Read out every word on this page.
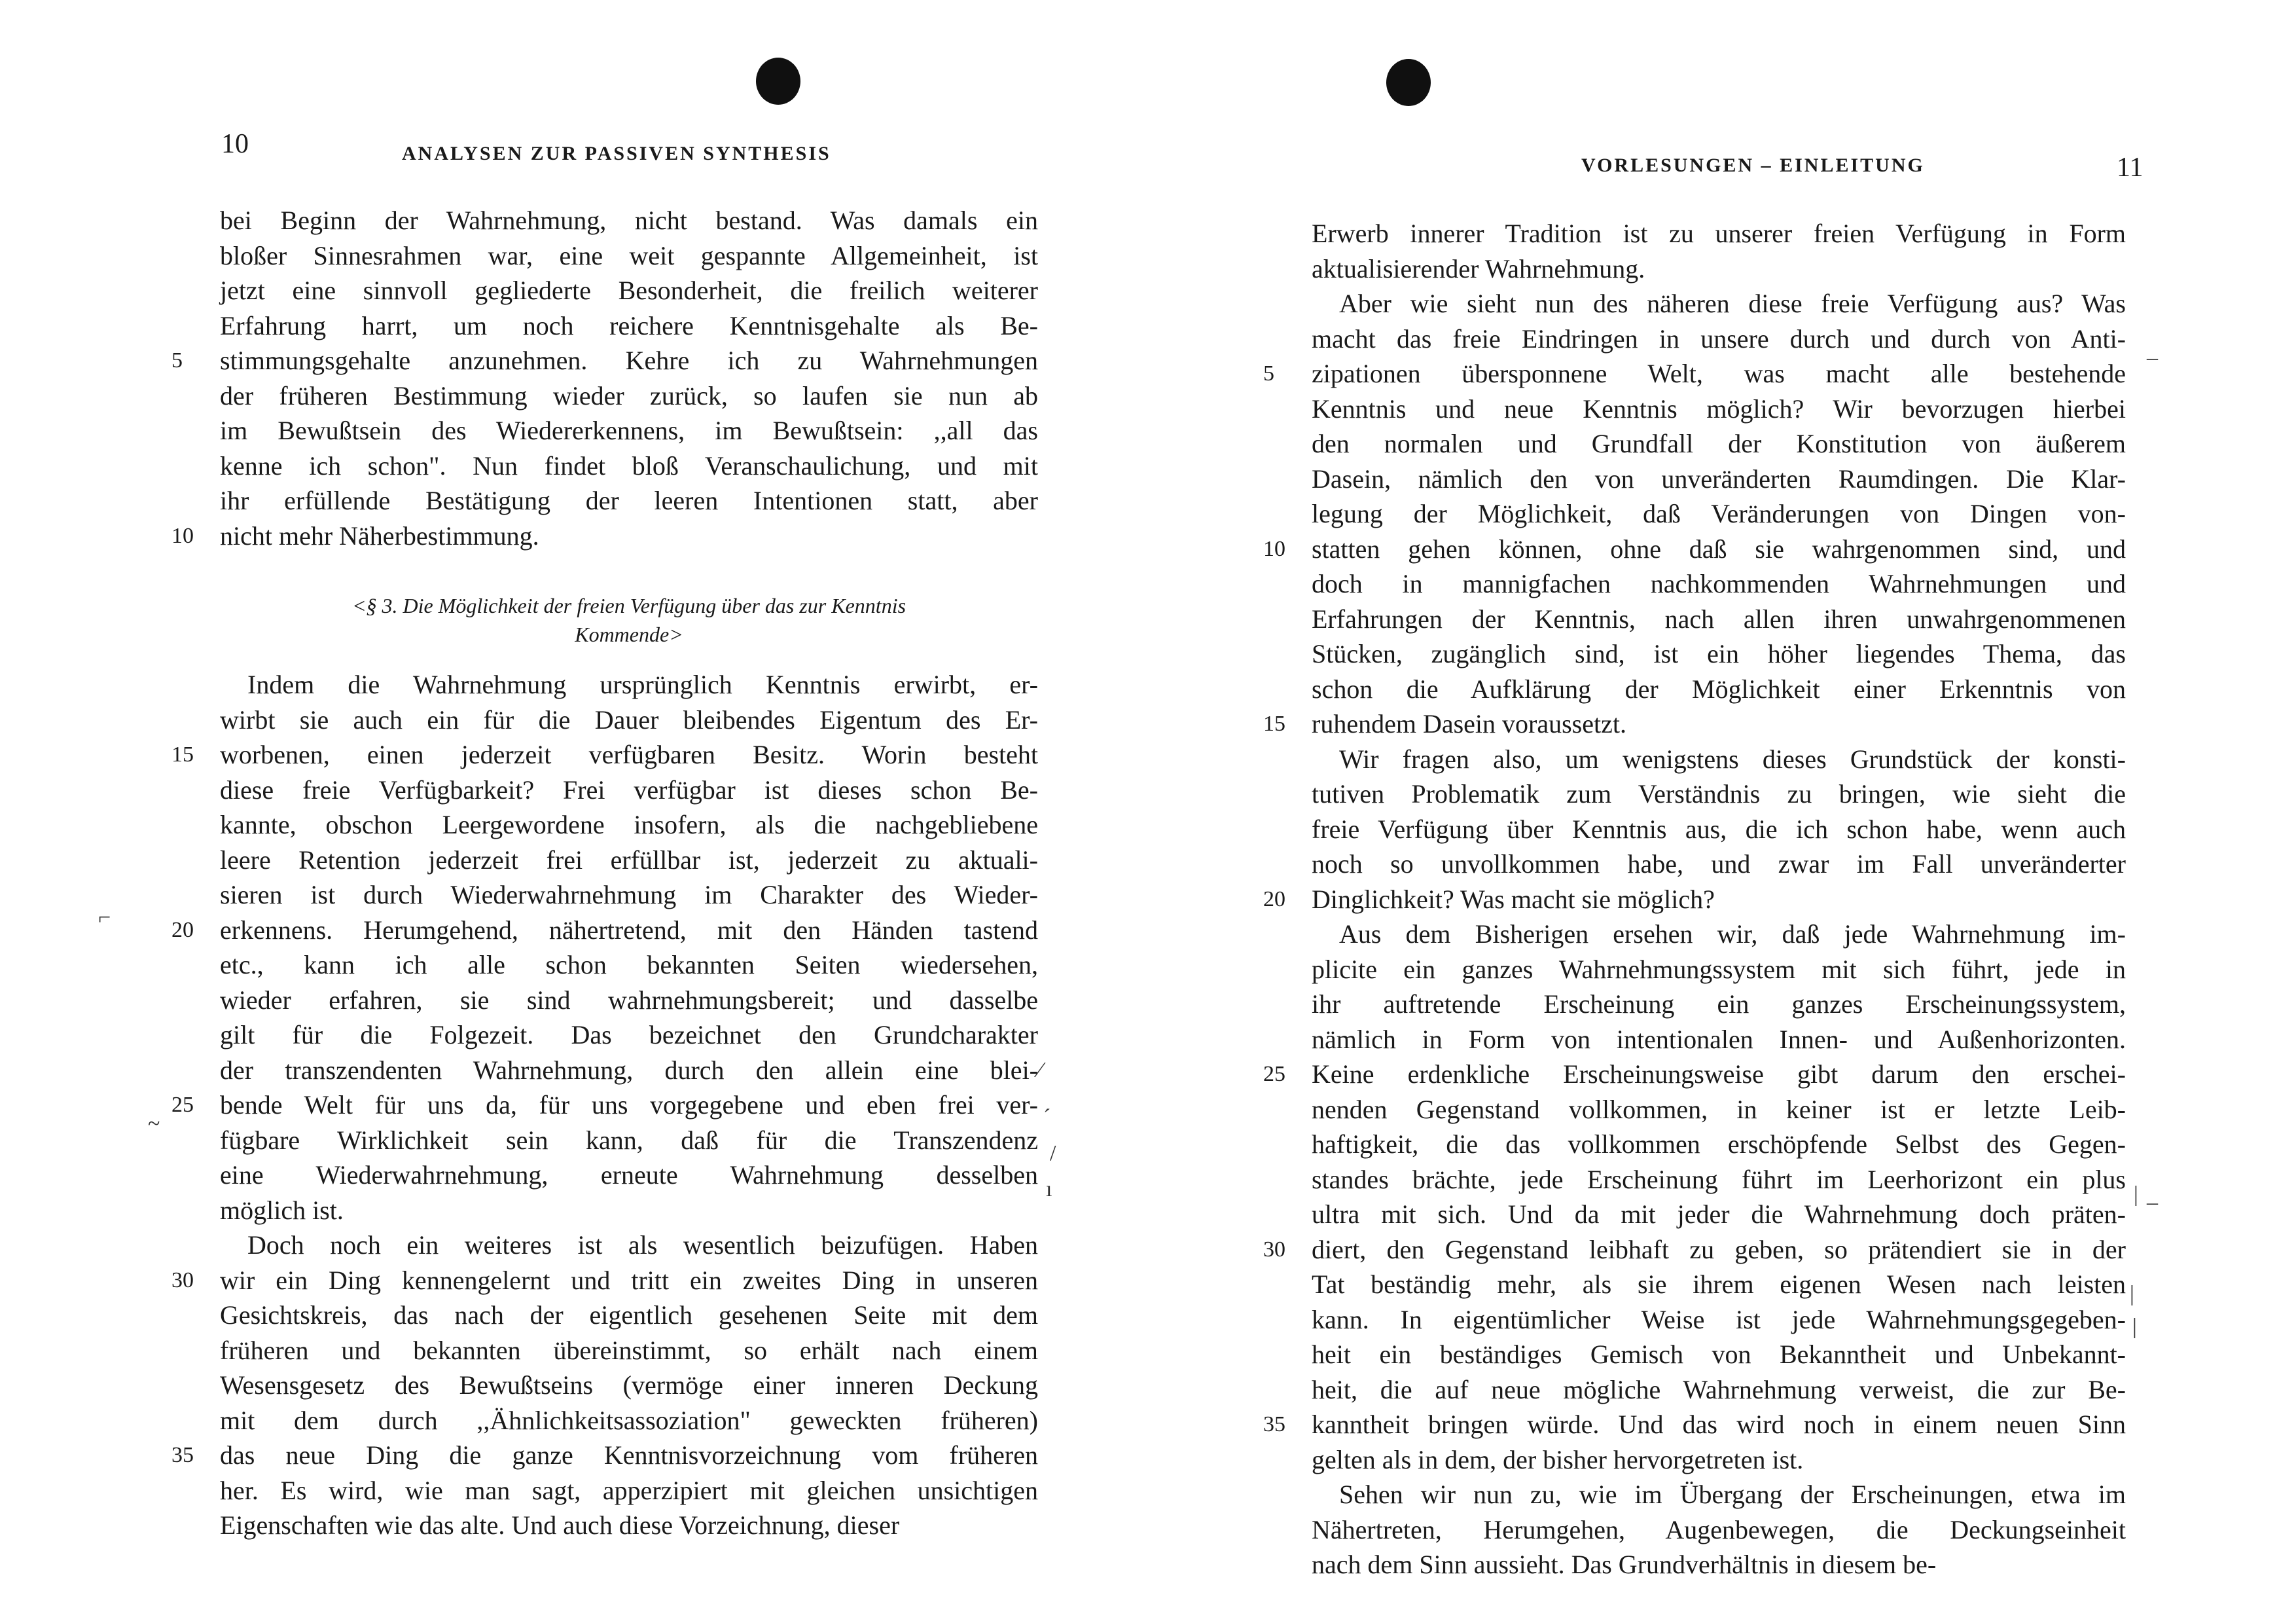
10	ANALYSEN ZUR PASSIVEN SYNTHESIS
bei Beginn der Wahrnehmung, nicht bestand. Was damals ein
bloßer Sinnesrahmen war, eine weit gespannte Allgemeinheit, ist
jetzt eine sinnvoll gegliederte Besonderheit, die freilich weiterer
Erfahrung harrt, um noch reichere Kenntnisgehalte als Be-
5	stimmungsgehalte anzunehmen. Kehre ich zu Wahrnehmungen
der früheren Bestimmung wieder zurück, so laufen sie nun ab
im Bewußtsein des Wiedererkennens, im Bewußtsein: ,,all das
kenne ich schon". Nun findet bloß Veranschaulichung, und mit
ihr erfüllende Bestätigung der leeren Intentionen statt, aber
10	nicht mehr Näherbestimmung.
<§ 3. Die Möglichkeit der freien Verfügung über das zur Kenntnis
Kommende>
Indem die Wahrnehmung ursprünglich Kenntnis erwirbt, er-
wirbt sie auch ein für die Dauer bleibendes Eigentum des Er-
15	worbenen, einen jederzeit verfügbaren Besitz. Worin besteht
diese freie Verfügbarkeit? Frei verfügbar ist dieses schon Be-
kannte, obschon Leergewordene insofern, als die nachgebliebene
leere Retention jederzeit frei erfüllbar ist, jederzeit zu aktuali-
sieren ist durch Wiederwahrnehmung im Charakter des Wieder-
20	erkennens. Herumgehend, nähertretend, mit den Händen tastend
etc., kann ich alle schon bekannten Seiten wiedersehen,
wieder erfahren, sie sind wahrnehmungsbereit; und dasselbe
gilt für die Folgezeit. Das bezeichnet den Grundcharakter
der transzendenten Wahrnehmung, durch den allein eine blei-
25	bende Welt für uns da, für uns vorgegebene und eben frei ver-
fügbare Wirklichkeit sein kann, daß für die Transzendenz
eine Wiederwahrnehmung, erneute Wahrnehmung desselben
möglich ist.
Doch noch ein weiteres ist als wesentlich beizufügen. Haben
30	wir ein Ding kennengelernt und tritt ein zweites Ding in unseren
Gesichtskreis, das nach der eigentlich gesehenen Seite mit dem
früheren und bekannten übereinstimmt, so erhält nach einem
Wesensgesetz des Bewußtseins (vermöge einer inneren Deckung
mit dem durch ,,Ähnlichkeitsassoziation" geweckten früheren)
35	das neue Ding die ganze Kenntnisvorzeichnung vom früheren
her. Es wird, wie man sagt, apperzipiert mit gleichen unsichtigen
Eigenschaften wie das alte. Und auch diese Vorzeichnung, dieser
⌐
⁄
ˊ
/
ı
~
VORLESUNGEN – EINLEITUNG	11
Erwerb innerer Tradition ist zu unserer freien Verfügung in Form
aktualisierender Wahrnehmung.
Aber wie sieht nun des näheren diese freie Verfügung aus? Was
macht das freie Eindringen in unsere durch und durch von Anti-
5	zipationen übersponnene Welt, was macht alle bestehende
Kenntnis und neue Kenntnis möglich? Wir bevorzugen hierbei
den normalen und Grundfall der Konstitution von äußerem
Dasein, nämlich den von unveränderten Raumdingen. Die Klar-
legung der Möglichkeit, daß Veränderungen von Dingen von-
10	statten gehen können, ohne daß sie wahrgenommen sind, und
doch in mannigfachen nachkommenden Wahrnehmungen und
Erfahrungen der Kenntnis, nach allen ihren unwahrgenommenen
Stücken, zugänglich sind, ist ein höher liegendes Thema, das
schon die Aufklärung der Möglichkeit einer Erkenntnis von
15	ruhendem Dasein voraussetzt.
Wir fragen also, um wenigstens dieses Grundstück der konsti-
tutiven Problematik zum Verständnis zu bringen, wie sieht die
freie Verfügung über Kenntnis aus, die ich schon habe, wenn auch
noch so unvollkommen habe, und zwar im Fall unveränderter
20	Dinglichkeit? Was macht sie möglich?
Aus dem Bisherigen ersehen wir, daß jede Wahrnehmung im-
plicite ein ganzes Wahrnehmungssystem mit sich führt, jede in
ihr auftretende Erscheinung ein ganzes Erscheinungssystem,
nämlich in Form von intentionalen Innen- und Außenhorizonten.
25	Keine erdenkliche Erscheinungsweise gibt darum den erschei-
nenden Gegenstand vollkommen, in keiner ist er letzte Leib-
haftigkeit, die das vollkommen erschöpfende Selbst des Gegen-
standes brächte, jede Erscheinung führt im Leerhorizont ein plus
ultra mit sich. Und da mit jeder die Wahrnehmung doch präten-
30	diert, den Gegenstand leibhaft zu geben, so prätendiert sie in der
Tat beständig mehr, als sie ihrem eigenen Wesen nach leisten
kann. In eigentümlicher Weise ist jede Wahrnehmungsgegeben-
heit ein beständiges Gemisch von Bekanntheit und Unbekannt-
heit, die auf neue mögliche Wahrnehmung verweist, die zur Be-
35	kanntheit bringen würde. Und das wird noch in einem neuen Sinn
gelten als in dem, der bisher hervorgetreten ist.
Sehen wir nun zu, wie im Übergang der Erscheinungen, etwa im
Nähertreten, Herumgehen, Augenbewegen, die Deckungseinheit
nach dem Sinn aussieht. Das Grundverhältnis in diesem be-
–
–
|
|
|
